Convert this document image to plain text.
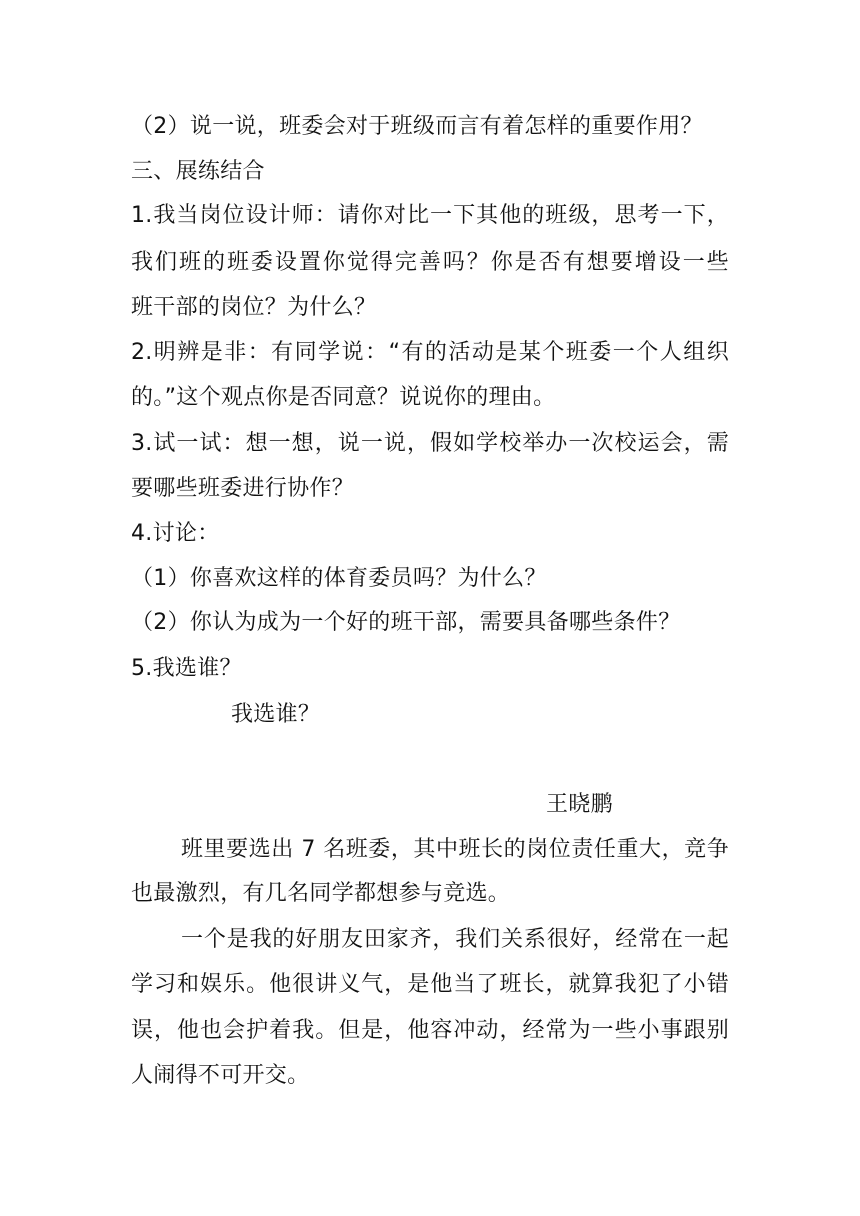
（2）说一说，班委会对于班级而言有着怎样的重要作用？
三、展练结合
1.我当岗位设计师：请你对比一下其他的班级，思考一下，
我们班的班委设置你觉得完善吗？你是否有想要增设一些
班干部的岗位？为什么？
2.明辨是非：有同学说：“有的活动是某个班委一个人组织
的。”这个观点你是否同意？说说你的理由。
3.试一试：想一想，说一说，假如学校举办一次校运会，需
要哪些班委进行协作？
4.讨论：
（1）你喜欢这样的体育委员吗？为什么？
（2）你认为成为一个好的班干部，需要具备哪些条件？
5.我选谁？
我选谁？
王晓鹏
班里要选出 7 名班委，其中班长的岗位责任重大，竞争
也最激烈，有几名同学都想参与竞选。
一个是我的好朋友田家齐，我们关系很好，经常在一起
学习和娱乐。他很讲义气，是他当了班长，就算我犯了小错
误，他也会护着我。但是，他容冲动，经常为一些小事跟别
人闹得不可开交。
